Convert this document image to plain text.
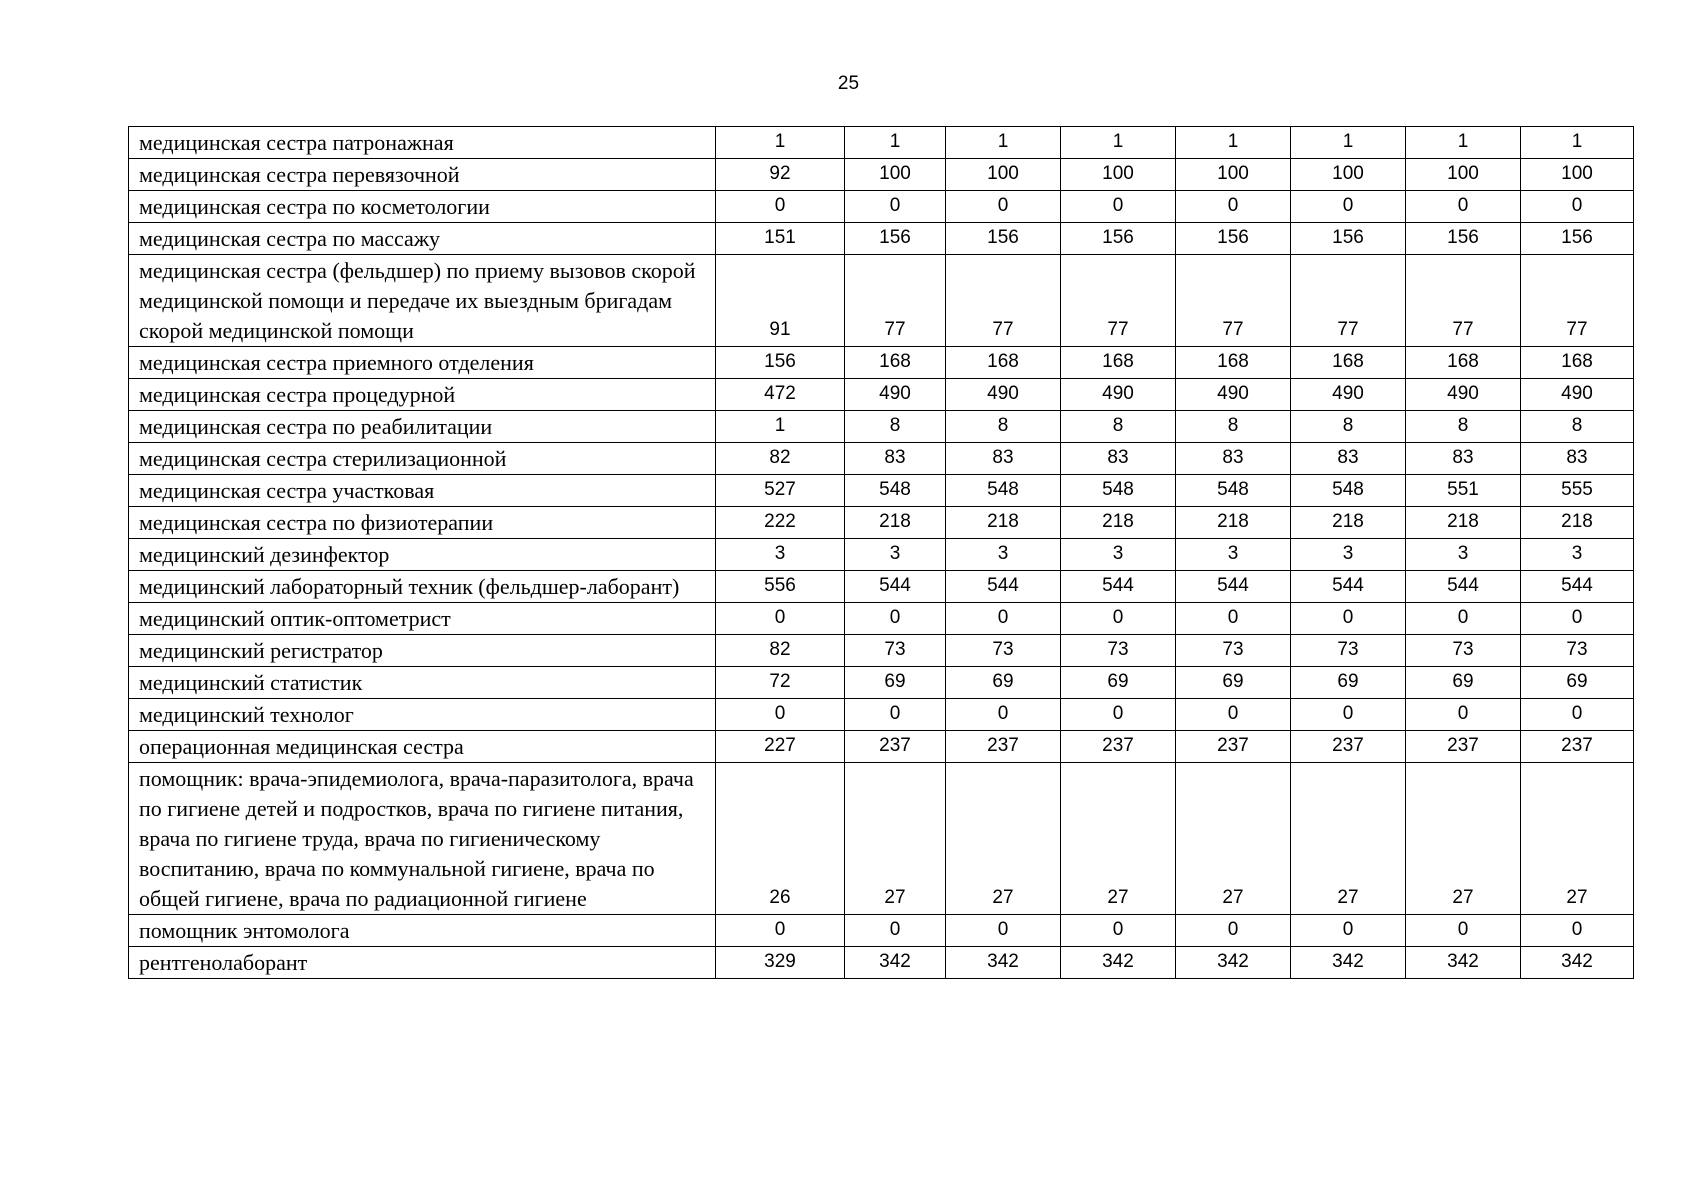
25
медицинская сестра патронажная	1	1	1	1	1	1	1	1
медицинская сестра перевязочной	92	100	100	100	100	100	100	100
медицинская сестра по косметологии	0	0	0	0	0	0	0	0
медицинская сестра по массажу	151	156	156	156	156	156	156	156
медицинская сестра (фельдшер) по приему вызовов скорой медицинской помощи и передаче их выездным бригадам скорой медицинской помощи	91	77	77	77	77	77	77	77
медицинская сестра приемного отделения	156	168	168	168	168	168	168	168
медицинская сестра процедурной	472	490	490	490	490	490	490	490
медицинская сестра по реабилитации	1	8	8	8	8	8	8	8
медицинская сестра стерилизационной	82	83	83	83	83	83	83	83
медицинская сестра участковая	527	548	548	548	548	548	551	555
медицинская сестра по физиотерапии	222	218	218	218	218	218	218	218
медицинский дезинфектор	3	3	3	3	3	3	3	3
медицинский лабораторный техник (фельдшер-лаборант)	556	544	544	544	544	544	544	544
медицинский оптик-оптометрист	0	0	0	0	0	0	0	0
медицинский регистратор	82	73	73	73	73	73	73	73
медицинский статистик	72	69	69	69	69	69	69	69
медицинский технолог	0	0	0	0	0	0	0	0
операционная медицинская сестра	227	237	237	237	237	237	237	237
помощник: врача-эпидемиолога, врача-паразитолога, врача по гигиене детей и подростков, врача по гигиене питания, врача по гигиене труда, врача по гигиеническому воспитанию, врача по коммунальной гигиене, врача по общей гигиене, врача по радиационной гигиене	26	27	27	27	27	27	27	27
помощник энтомолога	0	0	0	0	0	0	0	0
рентгенолаборант	329	342	342	342	342	342	342	342
